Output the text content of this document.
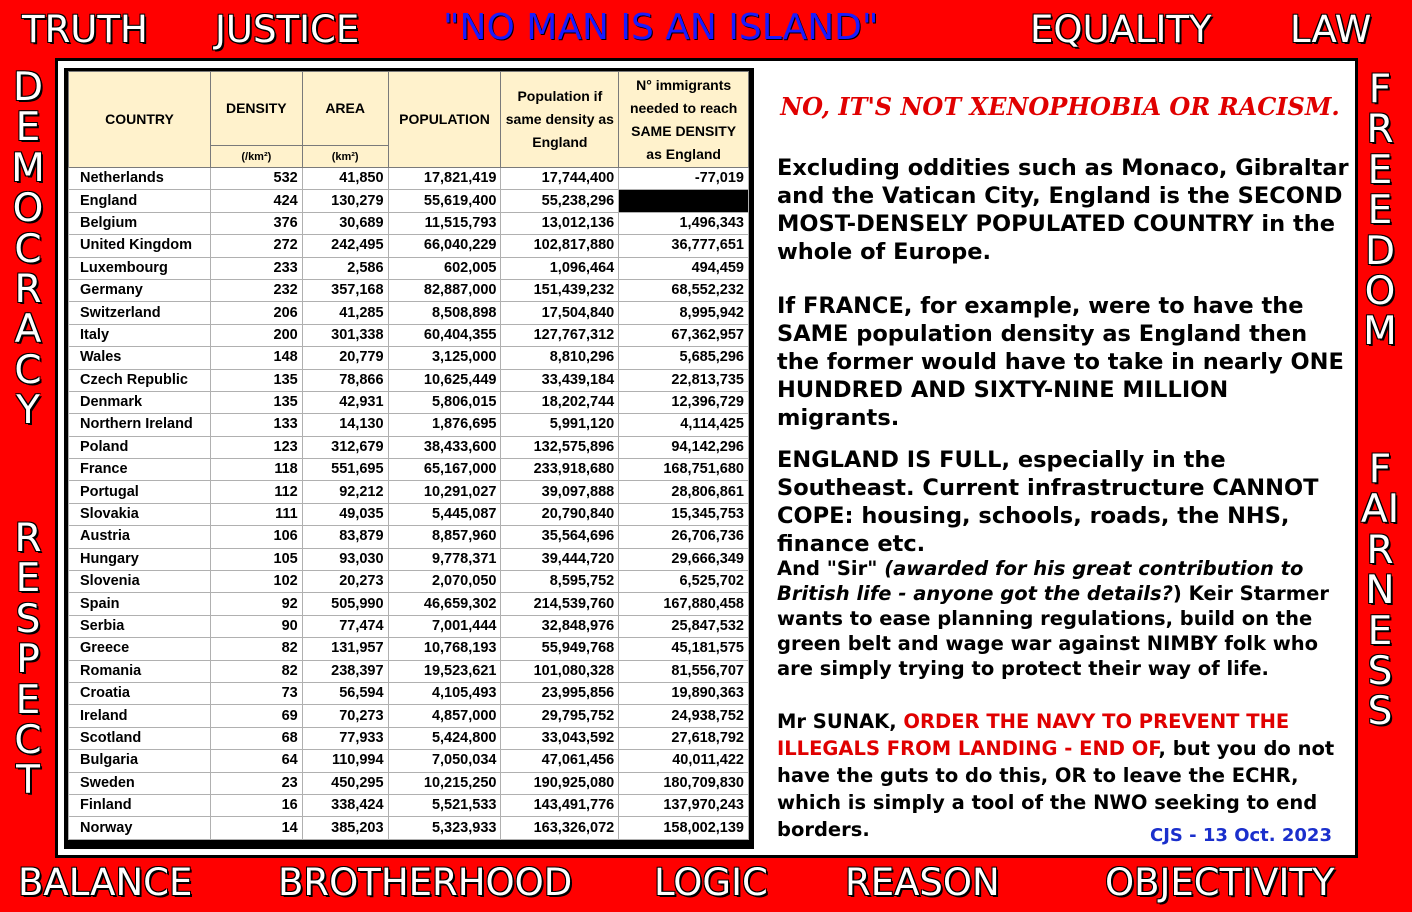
TRUTH JUSTICE "NO MAN IS AN ISLAND"	EQUALITY LAW
BALANCE BROTHERHOOD LOGIC REASON	OBJECTIVITY
DEMOCRACY
RESPECT
FREEDOM
FAIRNESS
COUNTRY	DENSITY	AREA	POPULATION	Population if same density as England	N° immigrants needed to reach SAME DENSITY as England
	(/km²)	(km²)			
Netherlands	532	41,850	17,821,419	17,744,400	-77,019
England	424	130,279	55,619,400	55,238,296	
Belgium	376	30,689	11,515,793	13,012,136	1,496,343
United Kingdom	272	242,495	66,040,229	102,817,880	36,777,651
Luxembourg	233	2,586	602,005	1,096,464	494,459
Germany	232	357,168	82,887,000	151,439,232	68,552,232
Switzerland	206	41,285	8,508,898	17,504,840	8,995,942
Italy	200	301,338	60,404,355	127,767,312	67,362,957
Wales	148	20,779	3,125,000	8,810,296	5,685,296
Czech Republic	135	78,866	10,625,449	33,439,184	22,813,735
Denmark	135	42,931	5,806,015	18,202,744	12,396,729
Northern Ireland	133	14,130	1,876,695	5,991,120	4,114,425
Poland	123	312,679	38,433,600	132,575,896	94,142,296
France	118	551,695	65,167,000	233,918,680	168,751,680
Portugal	112	92,212	10,291,027	39,097,888	28,806,861
Slovakia	111	49,035	5,445,087	20,790,840	15,345,753
Austria	106	83,879	8,857,960	35,564,696	26,706,736
Hungary	105	93,030	9,778,371	39,444,720	29,666,349
Slovenia	102	20,273	2,070,050	8,595,752	6,525,702
Spain	92	505,990	46,659,302	214,539,760	167,880,458
Serbia	90	77,474	7,001,444	32,848,976	25,847,532
Greece	82	131,957	10,768,193	55,949,768	45,181,575
Romania	82	238,397	19,523,621	101,080,328	81,556,707
Croatia	73	56,594	4,105,493	23,995,856	19,890,363
Ireland	69	70,273	4,857,000	29,795,752	24,938,752
Scotland	68	77,933	5,424,800	33,043,592	27,618,792
Bulgaria	64	110,994	7,050,034	47,061,456	40,011,422
Sweden	23	450,295	10,215,250	190,925,080	180,709,830
Finland	16	338,424	5,521,533	143,491,776	137,970,243
Norway	14	385,203	5,323,933	163,326,072	158,002,139
NO, IT'S NOT XENOPHOBIA OR RACISM.
Excluding oddities such as Monaco, Gibraltar and the Vatican City, England is the SECOND MOST-DENSELY POPULATED COUNTRY in the whole of Europe.
If FRANCE, for example, were to have the SAME population density as England then the former would have to take in nearly ONE HUNDRED AND SIXTY-NINE MILLION migrants.
ENGLAND IS FULL, especially in the Southeast. Current infrastructure CANNOT COPE: housing, schools, roads, the NHS, finance etc.
And "Sir" (awarded for his great contribution to British life - anyone got the details?) Keir Starmer wants to ease planning regulations, build on the green belt and wage war against NIMBY folk who are simply trying to protect their way of life.
Mr SUNAK, ORDER THE NAVY TO PREVENT THE ILLEGALS FROM LANDING - END OF, but you do not have the guts to do this, OR to leave the ECHR, which is simply a tool of the NWO seeking to end borders.	CJS - 13 Oct. 2023
